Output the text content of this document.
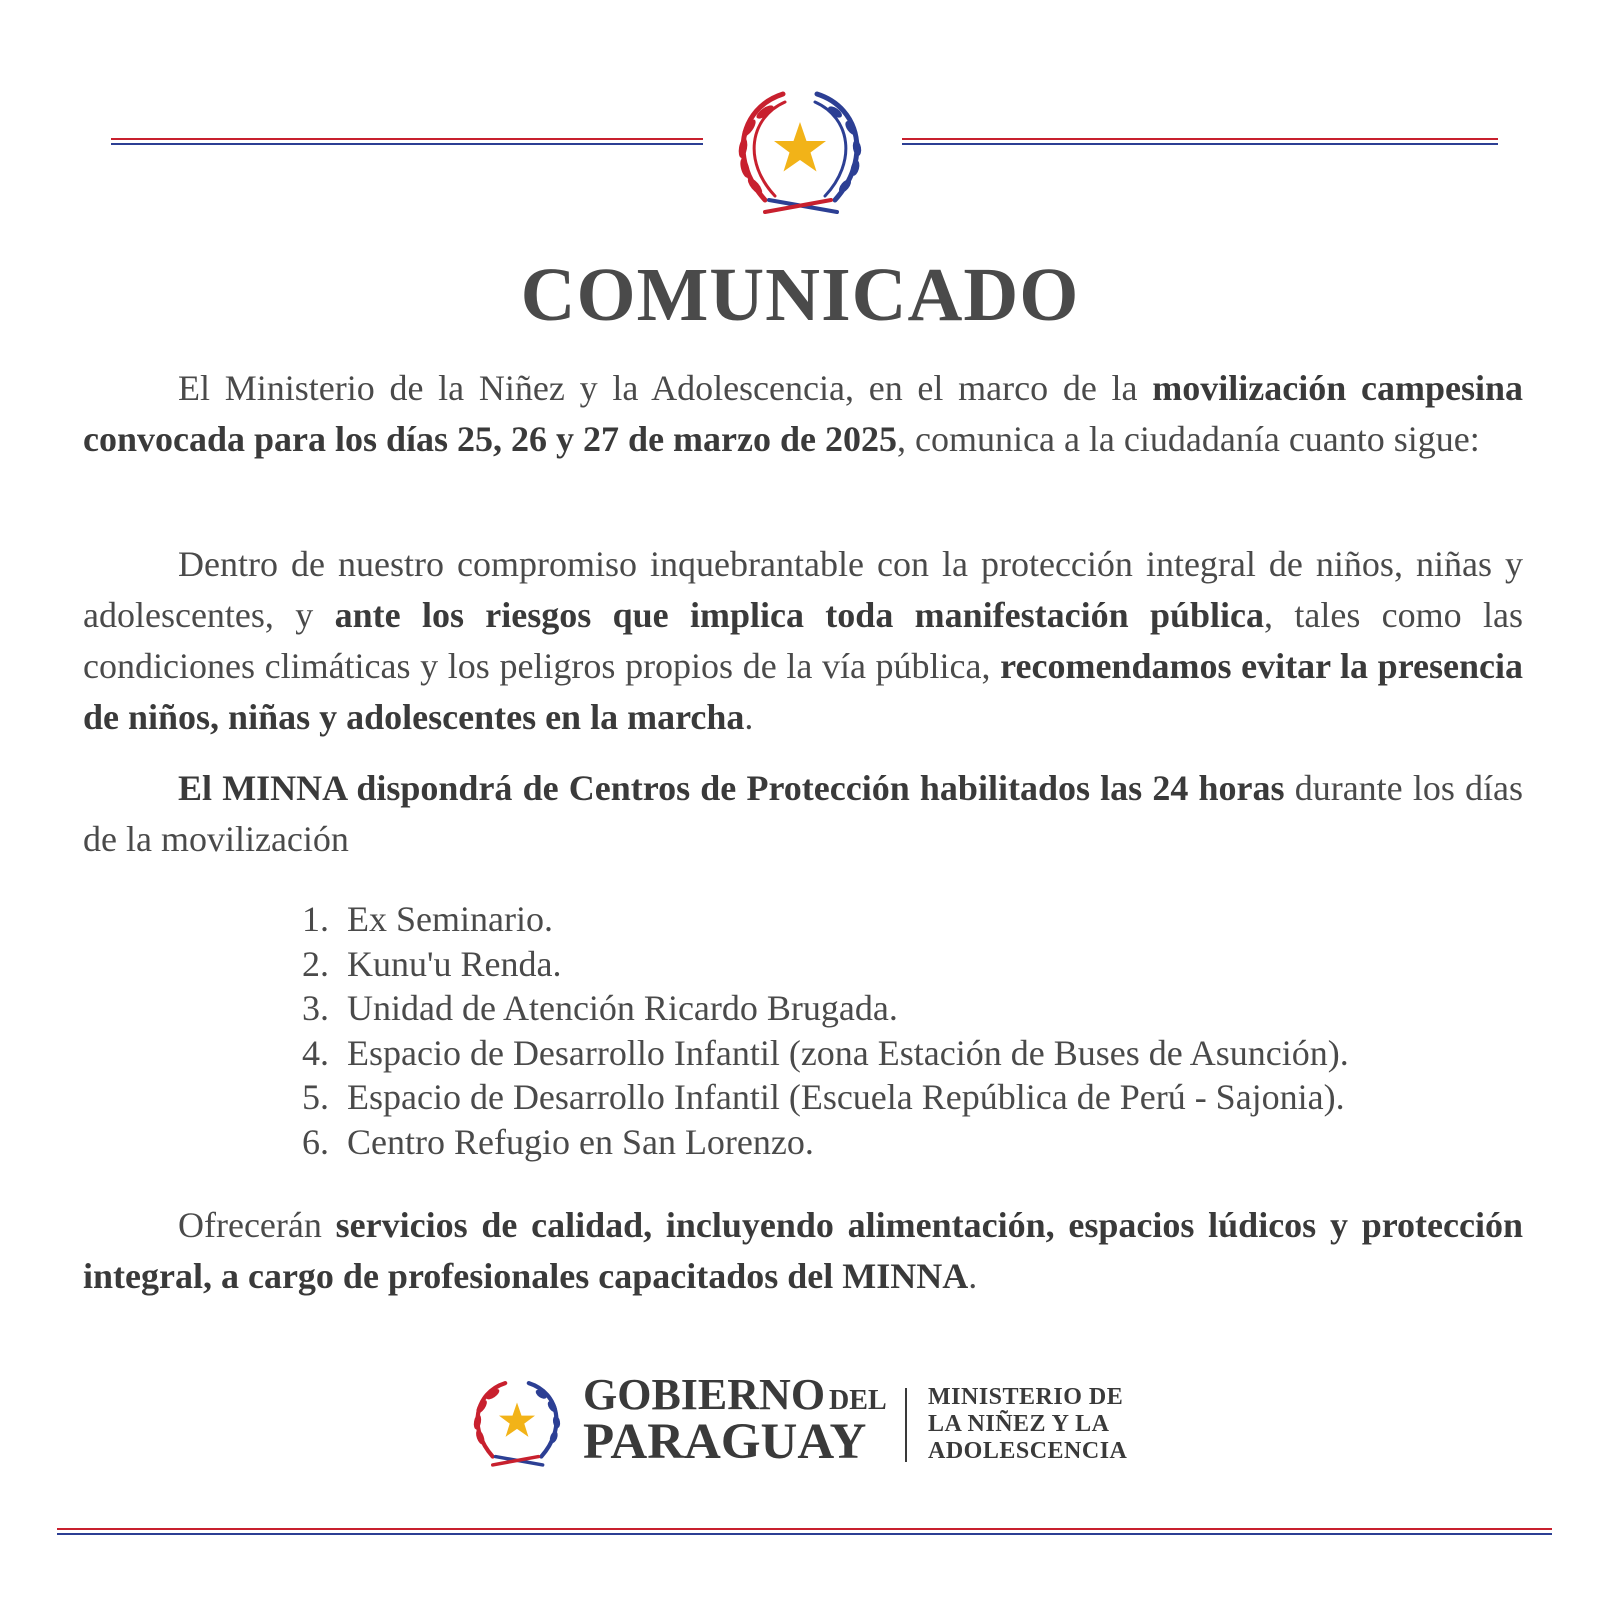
COMUNICADO

El Ministerio de la Niñez y la Adolescencia, en el marco de la movilización campesina convocada para los días 25, 26 y 27 de marzo de 2025, comunica a la ciudadanía cuanto sigue:

Dentro de nuestro compromiso inquebrantable con la protección integral de niños, niñas y adolescentes, y ante los riesgos que implica toda manifestación pública, tales como las condiciones climáticas y los peligros propios de la vía pública, recomendamos evitar la presencia de niños, niñas y adolescentes en la marcha.

El MINNA dispondrá de Centros de Protección habilitados las 24 horas durante los días de la movilización

1. Ex Seminario.
2. Kunu'u Renda.
3. Unidad de Atención Ricardo Brugada.
4. Espacio de Desarrollo Infantil (zona Estación de Buses de Asunción).
5. Espacio de Desarrollo Infantil (Escuela República de Perú - Sajonia).
6. Centro Refugio en San Lorenzo.

Ofrecerán servicios de calidad, incluyendo alimentación, espacios lúdicos y protección integral, a cargo de profesionales capacitados del MINNA.

GOBIERNO DEL
PARAGUAY
MINISTERIO DE
LA NIÑEZ Y LA
ADOLESCENCIA
